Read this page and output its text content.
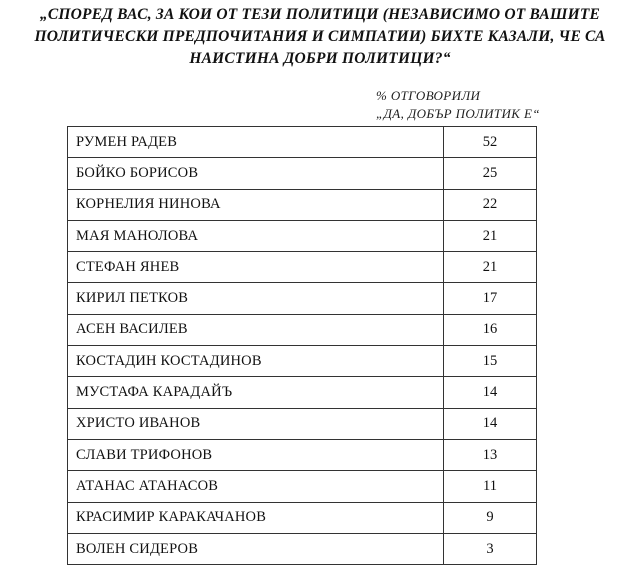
„СПОРЕД ВАС, ЗА КОИ ОТ ТЕЗИ ПОЛИТИЦИ (НЕЗАВИСИМО ОТ ВАШИТЕ
ПОЛИТИЧЕСКИ ПРЕДПОЧИТАНИЯ И СИМПАТИИ) БИХТЕ КАЗАЛИ, ЧЕ СА
НАИСТИНА ДОБРИ ПОЛИТИЦИ?“
% ОТГОВОРИЛИ
„ДА, ДОБЪР ПОЛИТИК Е“
РУМЕН РАДЕВ	52
БОЙКО БОРИСОВ	25
КОРНЕЛИЯ НИНОВА	22
МАЯ МАНОЛОВА	21
СТЕФАН ЯНЕВ	21
КИРИЛ ПЕТКОВ	17
АСЕН ВАСИЛЕВ	16
КОСТАДИН КОСТАДИНОВ	15
МУСТАФА КАРАДАЙЪ	14
ХРИСТО ИВАНОВ	14
СЛАВИ ТРИФОНОВ	13
АТАНАС АТАНАСОВ	11
КРАСИМИР КАРАКАЧАНОВ	9
ВОЛЕН СИДЕРОВ	3
